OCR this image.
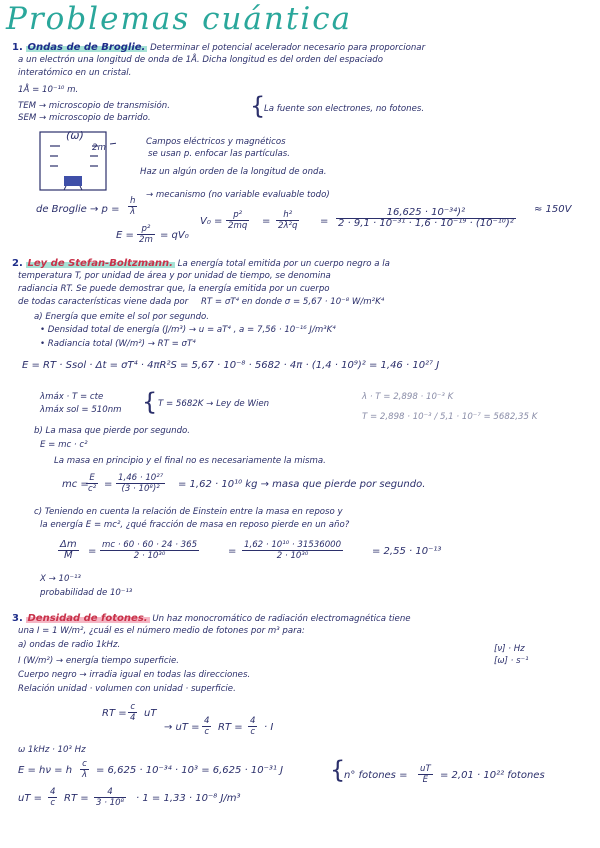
Problemas cuántica
1. Ondas de de Broglie. Determinar el potencial acelerador necesario para proporcionar
a un electrón una longitud de onda de 1Å. Dicha longitud es del orden del espaciado
interatómico en un cristal.
1Å = 10⁻¹⁰ m.
TEM → microscopio de transmisión.
SEM → microscopio de barrido.	{
La fuente son electrones, no fotones.
(ω)
2m
Campos eléctricos y magnéticos
se usan p. enfocar las partículas.
Haz un algún orden de la longitud de onda.
de Broglie → $p = \frac{h}{\lambda}$
→ mecanismo (no variable evaluable todo)
$E = \frac{\text{p²}}{2m} = qV_0$
$V_0 = \frac{\text{p²}}{2mq} = \frac{\text{h²}}{\text{2λ²q}} = \frac{\text{16,625 · 10⁻³⁴)²}}{\text{2 · 9,1 · 10⁻³¹ · 1,6 · 10⁻¹⁹ · (10⁻¹⁰)²}} \approx 150V$
2. Ley de Stefan-Boltzmann. La energía total emitida por un cuerpo negro a la
temperatura T, por unidad de área y por unidad de tiempo, se denomina
radiancia RT. Se puede demostrar que, la energía emitida por un cuerpo
de todas características viene dada por RT = σT⁴ en donde σ = 5,67 · 10⁻⁸ W/m²K⁴
a) Energía que emite el sol por segundo.
• Densidad total de energía (J/m³) → u = aT⁴ , a = 7,56 · 10⁻¹⁶ J/m³K⁴
• Radiancia total (W/m²) → RT = σT⁴
E = RT · Ssol · Δt = σT⁴ · 4πR²S = 5,67 · 10⁻⁸ · 5682 · 4π · (1,4 · 10⁹)² = 1,46 · 10²⁷ J
λmáx · T = cte
λmáx sol = 510nm { T = 5682K → Ley de Wien
λ · T = 2,898 · 10⁻³ K
T = 2,898 · 10⁻³ / 5,1 · 10⁻⁷ = 5682,35 K
b) La masa que pierde por segundo.
E = mc · c²
La masa en principio y el final no es necesariamente la misma.
mc =
$\frac{E}{\text{c²}} = \frac{\text{1,46 · 10²⁷}}{\text{(3 · 10⁸)²}} = 1,62 \cdot 10^{10}$ kg → masa que pierde por segundo.
c) Teniendo en cuenta la relación de Einstein entre la masa en reposo y
la energía E = mc², ¿qué fracción de masa en reposo pierde en un año?
$\frac{\Delta m}{M} = \frac{mc \cdot 60 \cdot 60 \cdot 24 \cdot 365}{\text{2 · 10³⁰}}$	= $\frac{\text{1,62 · 10¹⁰ · 31536000}}{\text{2 · 10³⁰}}$	= 2,55 · 10⁻¹³
X → 10⁻¹³
probabilidad de 10⁻¹³
3. Densidad de fotones. Un haz monocromático de radiación electromagnética tiene
una I = 1 W/m², ¿cuál es el número medio de fotones por m³ para:
a) ondas de radio 1kHz.	[ν] · Hz
[ω] · s⁻¹
I (W/m²) → energía tiempo superficie.
Cuerpo negro → irradia igual en todas las direcciones.
Relación unidad · volumen con unidad · superficie.
RT = $\frac{c}{4}$ uT
→ uT = $\frac{4}{c}$ RT = $\frac{4}{c} \cdot I$
ω 1kHz · 10³ Hz
E = hν = h $\frac{c}{\lambda} = 6,625 \cdot 10^{-34} \cdot 10^3 = 6,625 \cdot 10^{-31}$ J
uT = $\frac{4}{c}$ RT = $\frac{4}{\text{3 · 10⁸}} \cdot 1 = 1,33 \cdot 10^{-8}$ J/m³
{
n° fotones = $\frac{uT}{E} = 2,01 \cdot 10^{22}$ fotones
